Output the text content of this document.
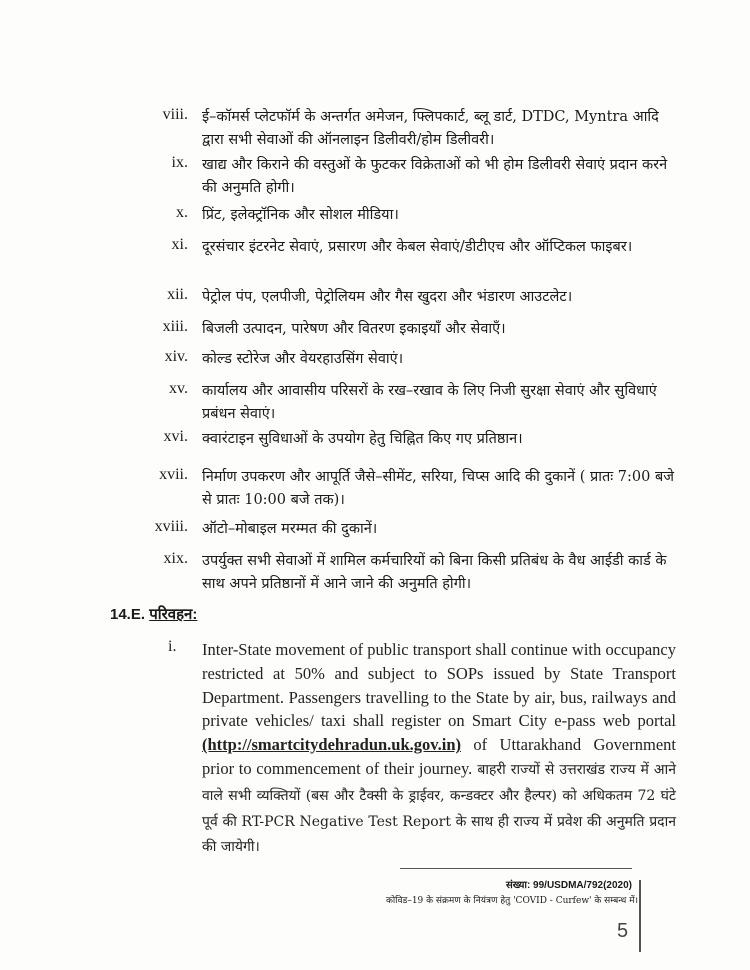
viii. ई–कॉमर्स प्लेटफॉर्म के अन्तर्गत अमेजन, फ्लिपकार्ट, ब्लू डार्ट, DTDC, Myntra आदि द्वारा सभी सेवाओं की ऑनलाइन डिलीवरी/होम डिलीवरी।
ix. खाद्य और किराने की वस्तुओं के फुटकर विक्रेताओं को भी होम डिलीवरी सेवाएं प्रदान करने की अनुमति होगी।
x. प्रिंट, इलेक्ट्रॉनिक और सोशल मीडिया।
xi. दूरसंचार इंटरनेट सेवाएं, प्रसारण और केबल सेवाएं/डीटीएच और ऑप्टिकल फाइबर।
xii. पेट्रोल पंप, एलपीजी, पेट्रोलियम और गैस खुदरा और भंडारण आउटलेट।
xiii. बिजली उत्पादन, पारेषण और वितरण इकाइयाँ और सेवाएँ।
xiv. कोल्ड स्टोरेज और वेयरहाउसिंग सेवाएं।
xv. कार्यालय और आवासीय परिसरों के रख–रखाव के लिए निजी सुरक्षा सेवाएं और सुविधाएं प्रबंधन सेवाएं।
xvi. क्वारंटाइन सुविधाओं के उपयोग हेतु चिह्नित किए गए प्रतिष्ठान।
xvii. निर्माण उपकरण और आपूर्ति जैसे–सीमेंट, सरिया, चिप्स आदि की दुकानें ( प्रातः 7:00 बजे से प्रातः 10:00 बजे तक)।
xviii. ऑटो–मोबाइल मरम्मत की दुकानें।
xix. उपर्युक्त सभी सेवाओं में शामिल कर्मचारियों को बिना किसी प्रतिबंध के वैध आईडी कार्ड के साथ अपने प्रतिष्ठानों में आने जाने की अनुमति होगी।
14.E. परिवहन:
i. Inter-State movement of public transport shall continue with occupancy restricted at 50% and subject to SOPs issued by State Transport Department. Passengers travelling to the State by air, bus, railways and private vehicles/ taxi shall register on Smart City e-pass web portal (http://smartcitydehradun.uk.gov.in) of Uttarakhand Government prior to commencement of their journey. बाहरी राज्यों से उत्तराखंड राज्य में आने वाले सभी व्यक्तियों (बस और टैक्सी के ड्राईवर, कन्डक्टर और हैल्पर) को अधिकतम 72 घंटे पूर्व की RT-PCR Negative Test Report के साथ ही राज्य में प्रवेश की अनुमति प्रदान की जायेगी।
संख्या: 99/USDMA/792(2020)
कोविड–19 के संक्रमण के नियंत्रण हेतु 'COVID - Curfew' के सम्बन्ध में।
5
